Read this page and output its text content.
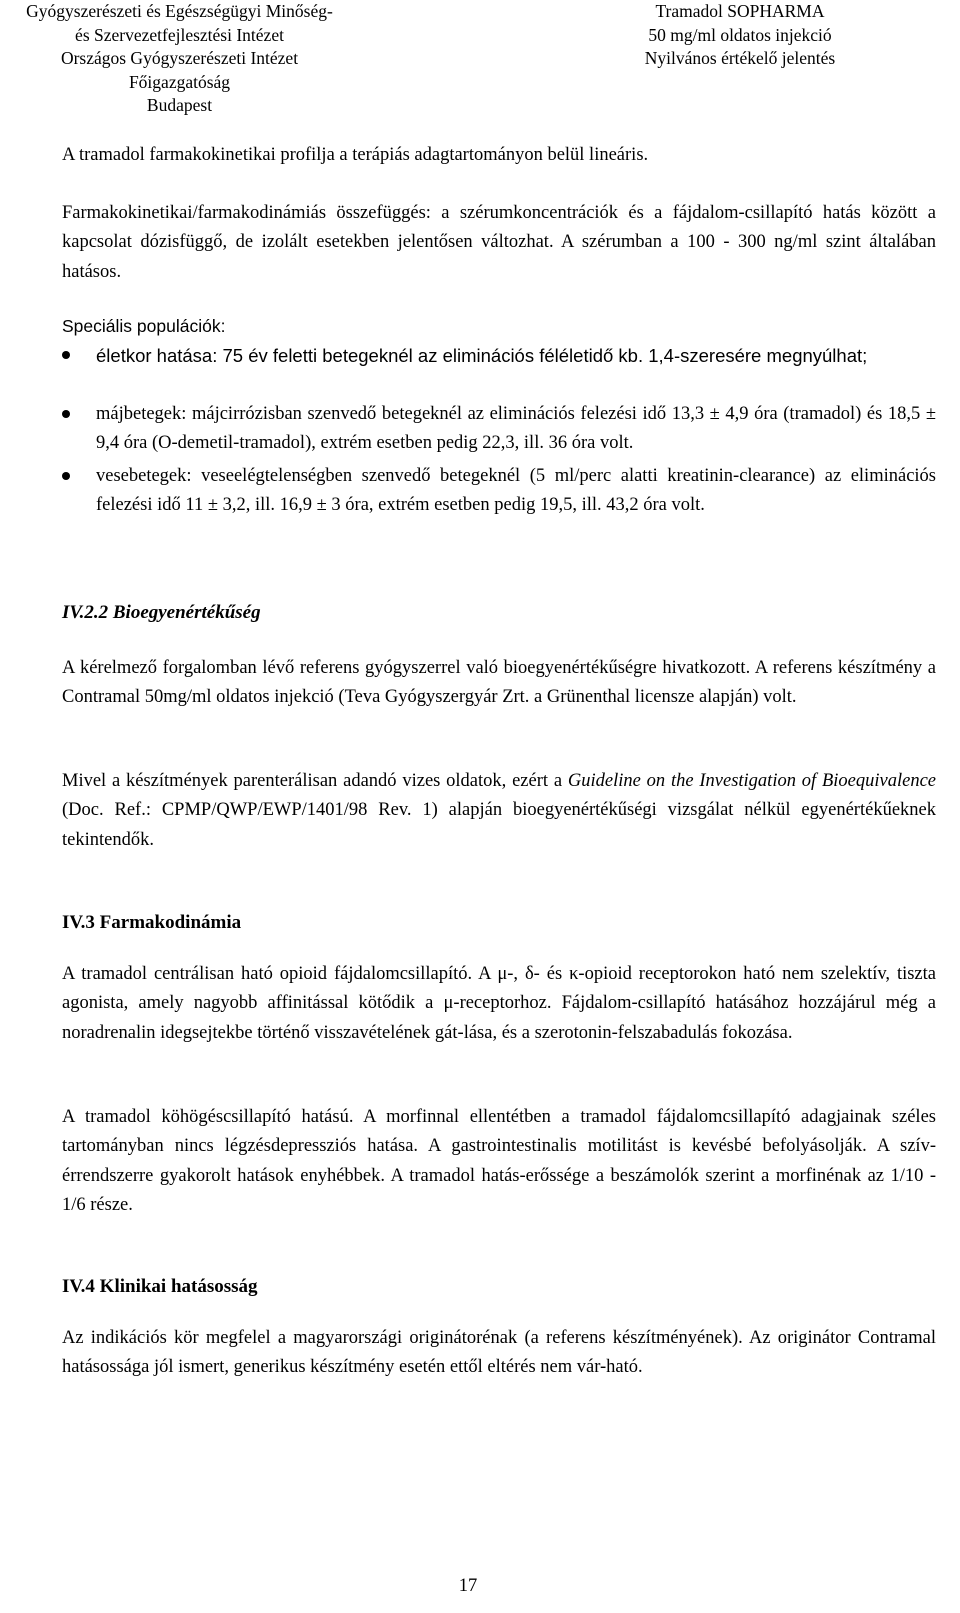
Gyógyszerészeti és Egészségügyi Minőség-
és Szervezetfejlesztési Intézet
Országos Gyógyszerészeti Intézet
Főigazgatóság
Budapest
Tramadol SOPHARMA
50 mg/ml oldatos injekció
Nyilvános értékelő jelentés

A tramadol farmakokinetikai profilja a terápiás adagtartományon belül lineáris.

Farmakokinetikai/farmakodinámiás összefüggés: a szérumkoncentrációk és a fájdalom-csillapító hatás között a kapcsolat dózisfüggő, de izolált esetekben jelentősen változhat. A szérumban a 100 - 300 ng/ml szint általában hatásos.

Speciális populációk:

életkor hatása: 75 év feletti betegeknél az eliminációs féléletidő kb. 1,4-szeresére megnyúlhat;
májbetegek: májcirrózisban szenvedő betegeknél az eliminációs felezési idő 13,3 ± 4,9 óra (tramadol) és 18,5 ± 9,4 óra (O-demetil-tramadol), extrém esetben pedig 22,3, ill. 36 óra volt.
vesebetegek: veseelégtelenségben szenvedő betegeknél (5 ml/perc alatti kreatinin-clearance) az eliminációs felezési idő 11 ± 3,2, ill. 16,9 ± 3 óra, extrém esetben pedig 19,5, ill. 43,2 óra volt.
IV.2.2 Bioegyenértékűség

A kérelmező forgalomban lévő referens gyógyszerrel való bioegyenértékűségre hivatkozott. A referens készítmény a Contramal 50mg/ml oldatos injekció (Teva Gyógyszergyár Zrt. a Grünenthal licensze alapján) volt.

Mivel a készítmények parenterálisan adandó vizes oldatok, ezért a Guideline on the Investigation of Bioequivalence (Doc. Ref.: CPMP/QWP/EWP/1401/98 Rev. 1) alapján bioegyenértékűségi vizsgálat nélkül egyenértékűeknek tekintendők.

IV.3 Farmakodinámia

A tramadol centrálisan ható opioid fájdalomcsillapító. A μ-, δ- és κ-opioid receptorokon ható nem szelektív, tiszta agonista, amely nagyobb affinitással kötődik a μ-receptorhoz. Fájdalom-csillapító hatásához hozzájárul még a noradrenalin idegsejtekbe történő visszavételének gát-lása, és a szerotonin-felszabadulás fokozása.

A tramadol köhögéscsillapító hatású. A morfinnal ellentétben a tramadol fájdalomcsillapító adagjainak széles tartományban nincs légzésdepressziós hatása. A gastrointestinalis motilitást is kevésbé befolyásolják. A szív-érrendszerre gyakorolt hatások enyhébbek. A tramadol hatás-erőssége a beszámolók szerint a morfinénak az 1/10 - 1/6 része.

IV.4 Klinikai hatásosság

Az indikációs kör megfelel a magyarországi originátorénak (a referens készítményének). Az originátor Contramal hatásossága jól ismert, generikus készítmény esetén ettől eltérés nem vár-ható.

17
